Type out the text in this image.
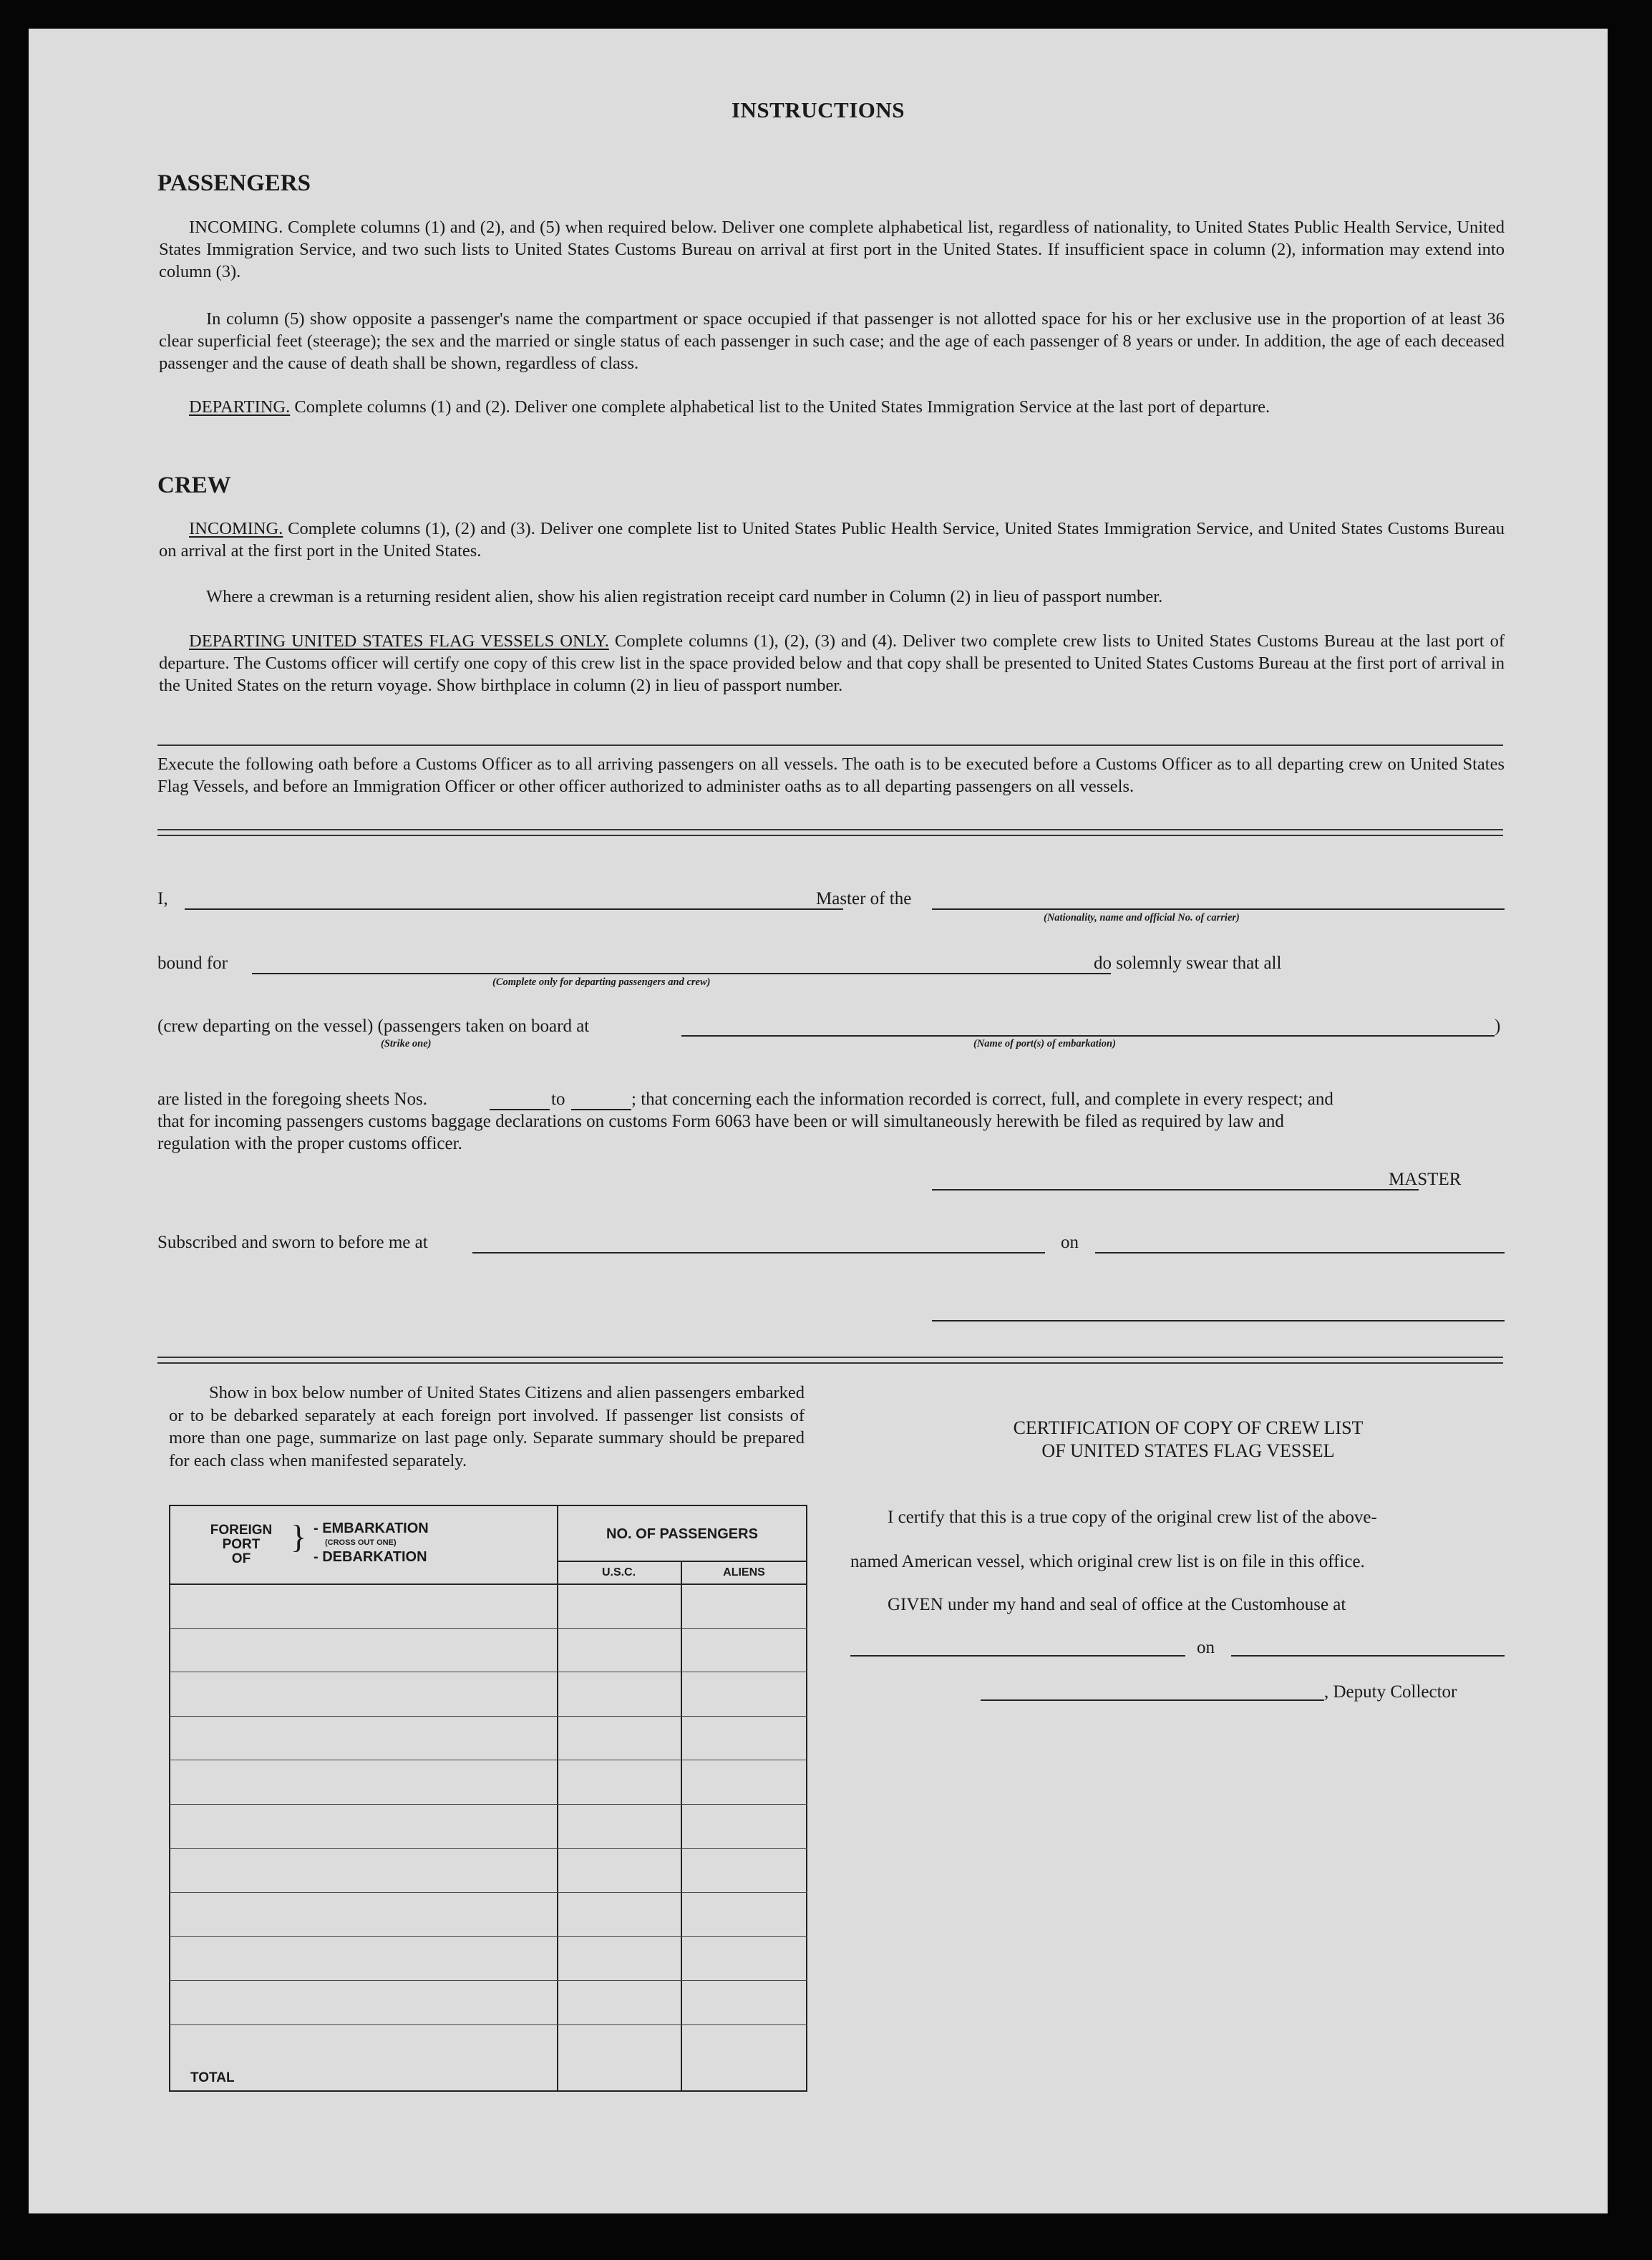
INSTRUCTIONS
PASSENGERS
INCOMING. Complete columns (1) and (2), and (5) when required below. Deliver one complete alphabetical list, regardless of nationality, to United States Public Health Service, United States Immigration Service, and two such lists to United States Customs Bureau on arrival at first port in the United States. If insufficient space in column (2), information may extend into column (3).
In column (5) show opposite a passenger's name the compartment or space occupied if that passenger is not allotted space for his or her exclusive use in the proportion of at least 36 clear superficial feet (steerage); the sex and the married or single status of each passenger in such case; and the age of each passenger of 8 years or under. In addition, the age of each deceased passenger and the cause of death shall be shown, regardless of class.
DEPARTING. Complete columns (1) and (2). Deliver one complete alphabetical list to the United States Immigration Service at the last port of departure.
CREW
INCOMING. Complete columns (1), (2) and (3). Deliver one complete list to United States Public Health Service, United States Immigration Service, and United States Customs Bureau on arrival at the first port in the United States.
Where a crewman is a returning resident alien, show his alien registration receipt card number in Column (2) in lieu of passport number.
DEPARTING UNITED STATES FLAG VESSELS ONLY. Complete columns (1), (2), (3) and (4). Deliver two complete crew lists to United States Customs Bureau at the last port of departure. The Customs officer will certify one copy of this crew list in the space provided below and that copy shall be presented to United States Customs Bureau at the first port of arrival in the United States on the return voyage. Show birthplace in column (2) in lieu of passport number.
Execute the following oath before a Customs Officer as to all arriving passengers on all vessels. The oath is to be executed before a Customs Officer as to all departing crew on United States Flag Vessels, and before an Immigration Officer or other officer authorized to administer oaths as to all departing passengers on all vessels.
I,	Master of the
(Nationality, name and official No. of carrier)
bound for
(Complete only for departing passengers and crew)
do solemnly swear that all
(crew departing on the vessel) (passengers taken on board at
(Strike one)	(Name of port(s) of embarkation)
)
are listed in the foregoing sheets Nos.	to	; that concerning each the information recorded is correct, full, and complete in every respect; and
that for incoming passengers customs baggage declarations on customs Form 6063 have been or will simultaneously herewith be filed as required by law and
regulation with the proper customs officer.
MASTER
Subscribed and sworn to before me at	on
Show in box below number of United States Citizens and alien passengers embarked or to be debarked separately at each foreign port involved. If passenger list consists of more than one page, summarize on last page only. Separate summary should be prepared for each class when manifested separately.
FOREIGN
PORT
OF
} - EMBARKATION
(CROSS OUT ONE)
- DEBARKATION
NO. OF PASSENGERS
U.S.C.	ALIENS
TOTAL
CERTIFICATION OF COPY OF CREW LIST
OF UNITED STATES FLAG VESSEL
I certify that this is a true copy of the original crew list of the above-
named American vessel, which original crew list is on file in this office.
GIVEN under my hand and seal of office at the Customhouse at
on
, Deputy Collector
